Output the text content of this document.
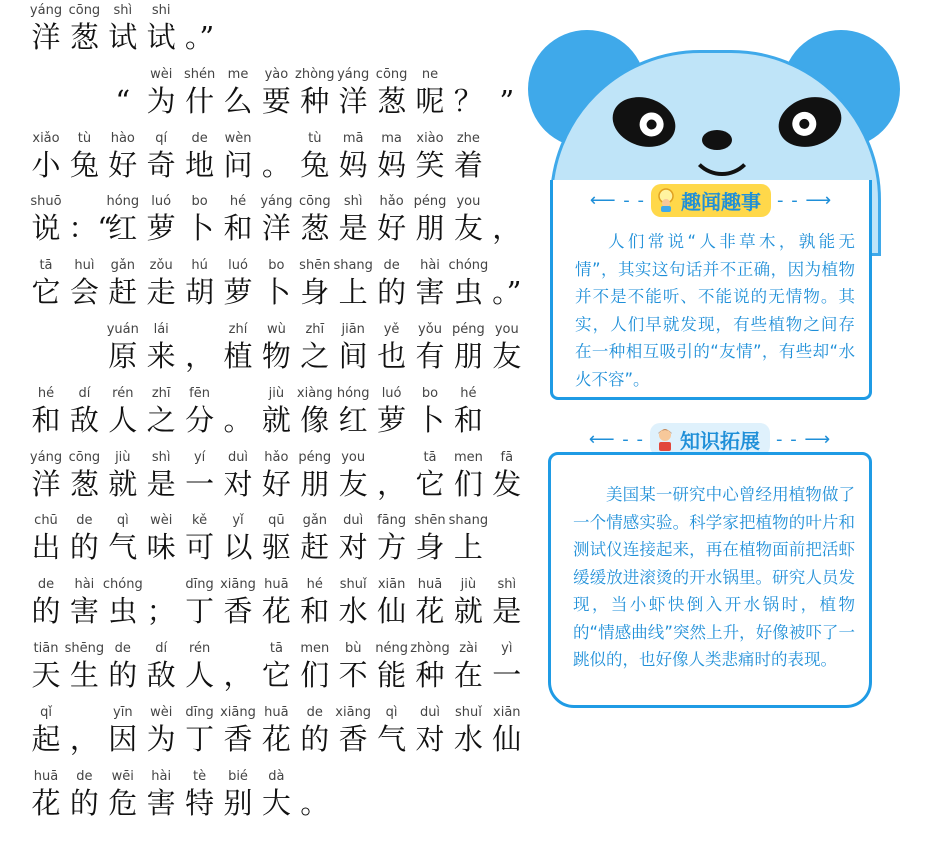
yáng
洋
cōng
葱
shì
试
shi
试 。”
“
wèi
为
shén
什
me
么
yào
要
zhòng
种
yáng
洋
cōng
葱
ne
呢 ？ ”
xiǎo
小
tù
兔
hào
好
qí
奇
de
地
wèn
问 。
tù
兔
mā
妈
ma
妈
xiào
笑
zhe
着
shuō
说 ：“
hóng
红
luó
萝
bo
卜
hé
和
yáng
洋
cōng
葱
shì
是
hǎo
好
péng
朋
you
友 ，
tā
它
huì
会
gǎn
赶
zǒu
走
hú
胡
luó
萝
bo
卜
shēn
身
shang
上
de
的
hài
害
chóng
虫 。”
yuán
原
lái
来 ，
zhí
植
wù
物
zhī
之
jiān
间
yě
也
yǒu
有
péng
朋
you
友
hé
和
dí
敌
rén
人
zhī
之
fēn
分 。
jiù
就
xiàng
像
hóng
红
luó
萝
bo
卜
hé
和
yáng
洋
cōng
葱
jiù
就
shì
是
yí
一
duì
对
hǎo
好
péng
朋
you
友 ，
tā
它
men
们
fā
发
chū
出
de
的
qì
气
wèi
味
kě
可
yǐ
以
qū
驱
gǎn
赶
duì
对
fāng
方
shēn
身
shang
上
de
的
hài
害
chóng
虫 ；
dīng
丁
xiāng
香
huā
花
hé
和
shuǐ
水
xiān
仙
huā
花
jiù
就
shì
是
tiān
天
shēng
生
de
的
dí
敌
rén
人 ，
tā
它
men
们
bù
不
néng
能
zhòng
种
zài
在
yì
一
qǐ
起 ，
yīn
因
wèi
为
dīng
丁
xiāng
香
huā
花
de
的
xiāng
香
qì
气
duì
对
shuǐ
水
xiān
仙
huā
花
de
的
wēi
危
hài
害
tè
特
bié
别
dà
大 。
人们常说“人非草木，孰能无情”，其实这句话并不正确，因为植物并不是不能听、不能说的无情物。其实，人们早就发现，有些植物之间存在一种相互吸引的“友情”，有些却“水火不容”。
⟵ - - 趣闻趣事 - - ⟶
⟵ - - 知识拓展 - - ⟶
美国某一研究中心曾经用植物做了一个情感实验。科学家把植物的叶片和测试仪连接起来，再在植物面前把活虾缓缓放进滚烫的开水锅里。研究人员发现，当小虾快倒入开水锅时，植物的“情感曲线”突然上升，好像被吓了一跳似的，也好像人类悲痛时的表现。
